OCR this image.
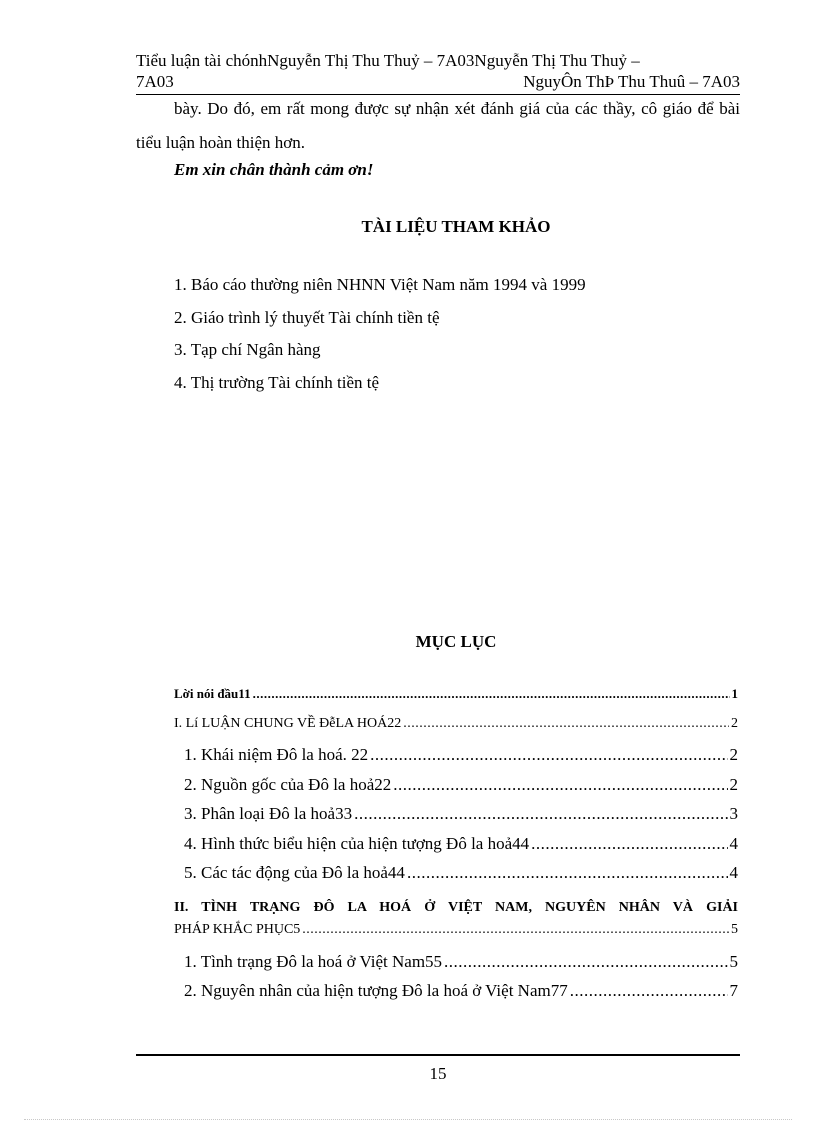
Tiểu luận tài chónhNguyễn Thị Thu Thuỷ – 7A03Nguyễn Thị Thu Thuỷ –
7A03	NguyÔn ThÞ Thu Thuû – 7A03

bày. Do đó, em rất mong được sự nhận xét đánh giá của các thầy, cô giáo để bài tiểu luận hoàn thiện hơn.

Em xin chân thành cảm ơn!
TÀI LIỆU THAM KHẢO
1. Báo cáo thường niên NHNN Việt Nam năm 1994 và 1999
2. Giáo trình lý thuyết Tài chính tiền tệ
3. Tạp chí Ngân hàng
4. Thị trường Tài chính tiền tệ
MỤC LỤC
Lời nói đầu11 .....	1
I. Lí LUẬN CHUNG VỀ ĐễLA HOÁ22 .....	2
1. Khái niệm Đô la hoá. 22 .....	2
2. Nguồn gốc của Đô la hoả22 .....	2
3. Phân loại Đô la hoả33 .....	3
4. Hình thức biểu hiện của hiện tượng Đô la hoả44 .....	4
5. Các tác động của Đô la hoả44 .....	4
II. TÌNH TRẠNG ĐÔ LA HOÁ Ở VIỆT NAM, NGUYÊN NHÂN VÀ GIẢI
PHÁP KHẮC PHỤC5 .....	5
1. Tình trạng Đô la hoá ở Việt Nam55 .....	5
2. Nguyên nhân của hiện tượng Đô la hoá ở Việt Nam77 .....	7
15
